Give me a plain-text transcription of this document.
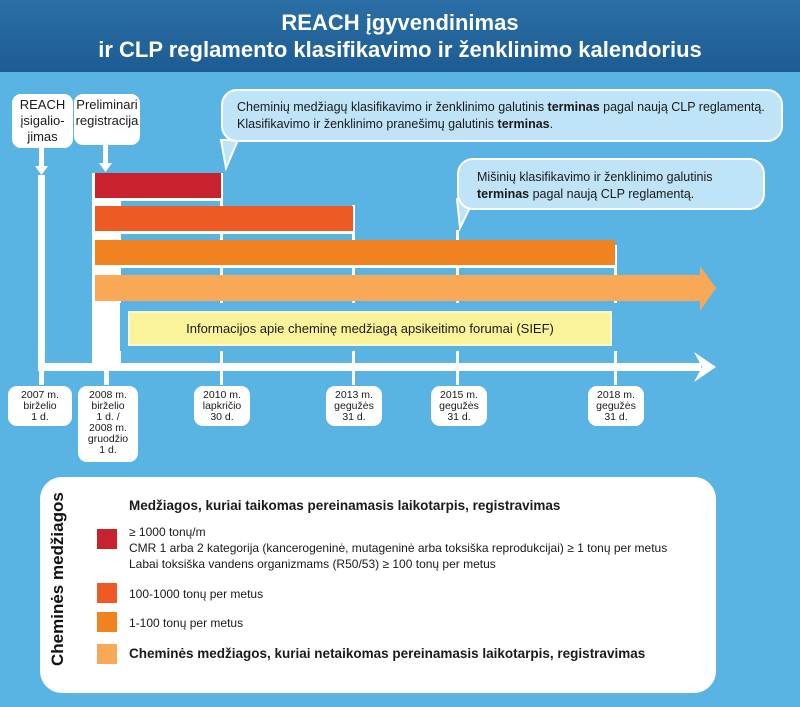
REACH įgyvendinimas
ir CLP reglamento klasifikavimo ir ženklinimo kalendorius
Informacijos apie cheminę medžiagą apsikeitimo forumai (SIEF)
REACH
įsigalio-
jimas
Preliminari
registracija
Cheminių medžiagų klasifikavimo ir ženklinimo galutinis terminas pagal naują CLP reglamentą.
Klasifikavimo ir ženklinimo pranešimų galutinis terminas.
Mišinių klasifikavimo ir ženklinimo galutinis
terminas pagal naują CLP reglamentą.
2007 m.
birželio
1 d.
2008 m.
birželio
1 d. /
2008 m.
gruodžio
1 d.
2010 m.
lapkričio
30 d.
2013 m.
gegužės
31 d.
2015 m.
gegužės
31 d.
2018 m.
gegužės
31 d.
Cheminės medžiagos	Medžiagos, kuriai taikomas pereinamasis laikotarpis, registravimas
≥ 1000 tonų/m
CMR 1 arba 2 kategorija (kancerogeninė, mutageninė arba toksiška reprodukcijai) ≥ 1 tonų per metus
Labai toksiška vandens organizmams (R50/53) ≥ 100 tonų per metus
100-1000 tonų per metus
1-100 tonų per metus
Cheminės medžiagos, kuriai netaikomas pereinamasis laikotarpis, registravimas
